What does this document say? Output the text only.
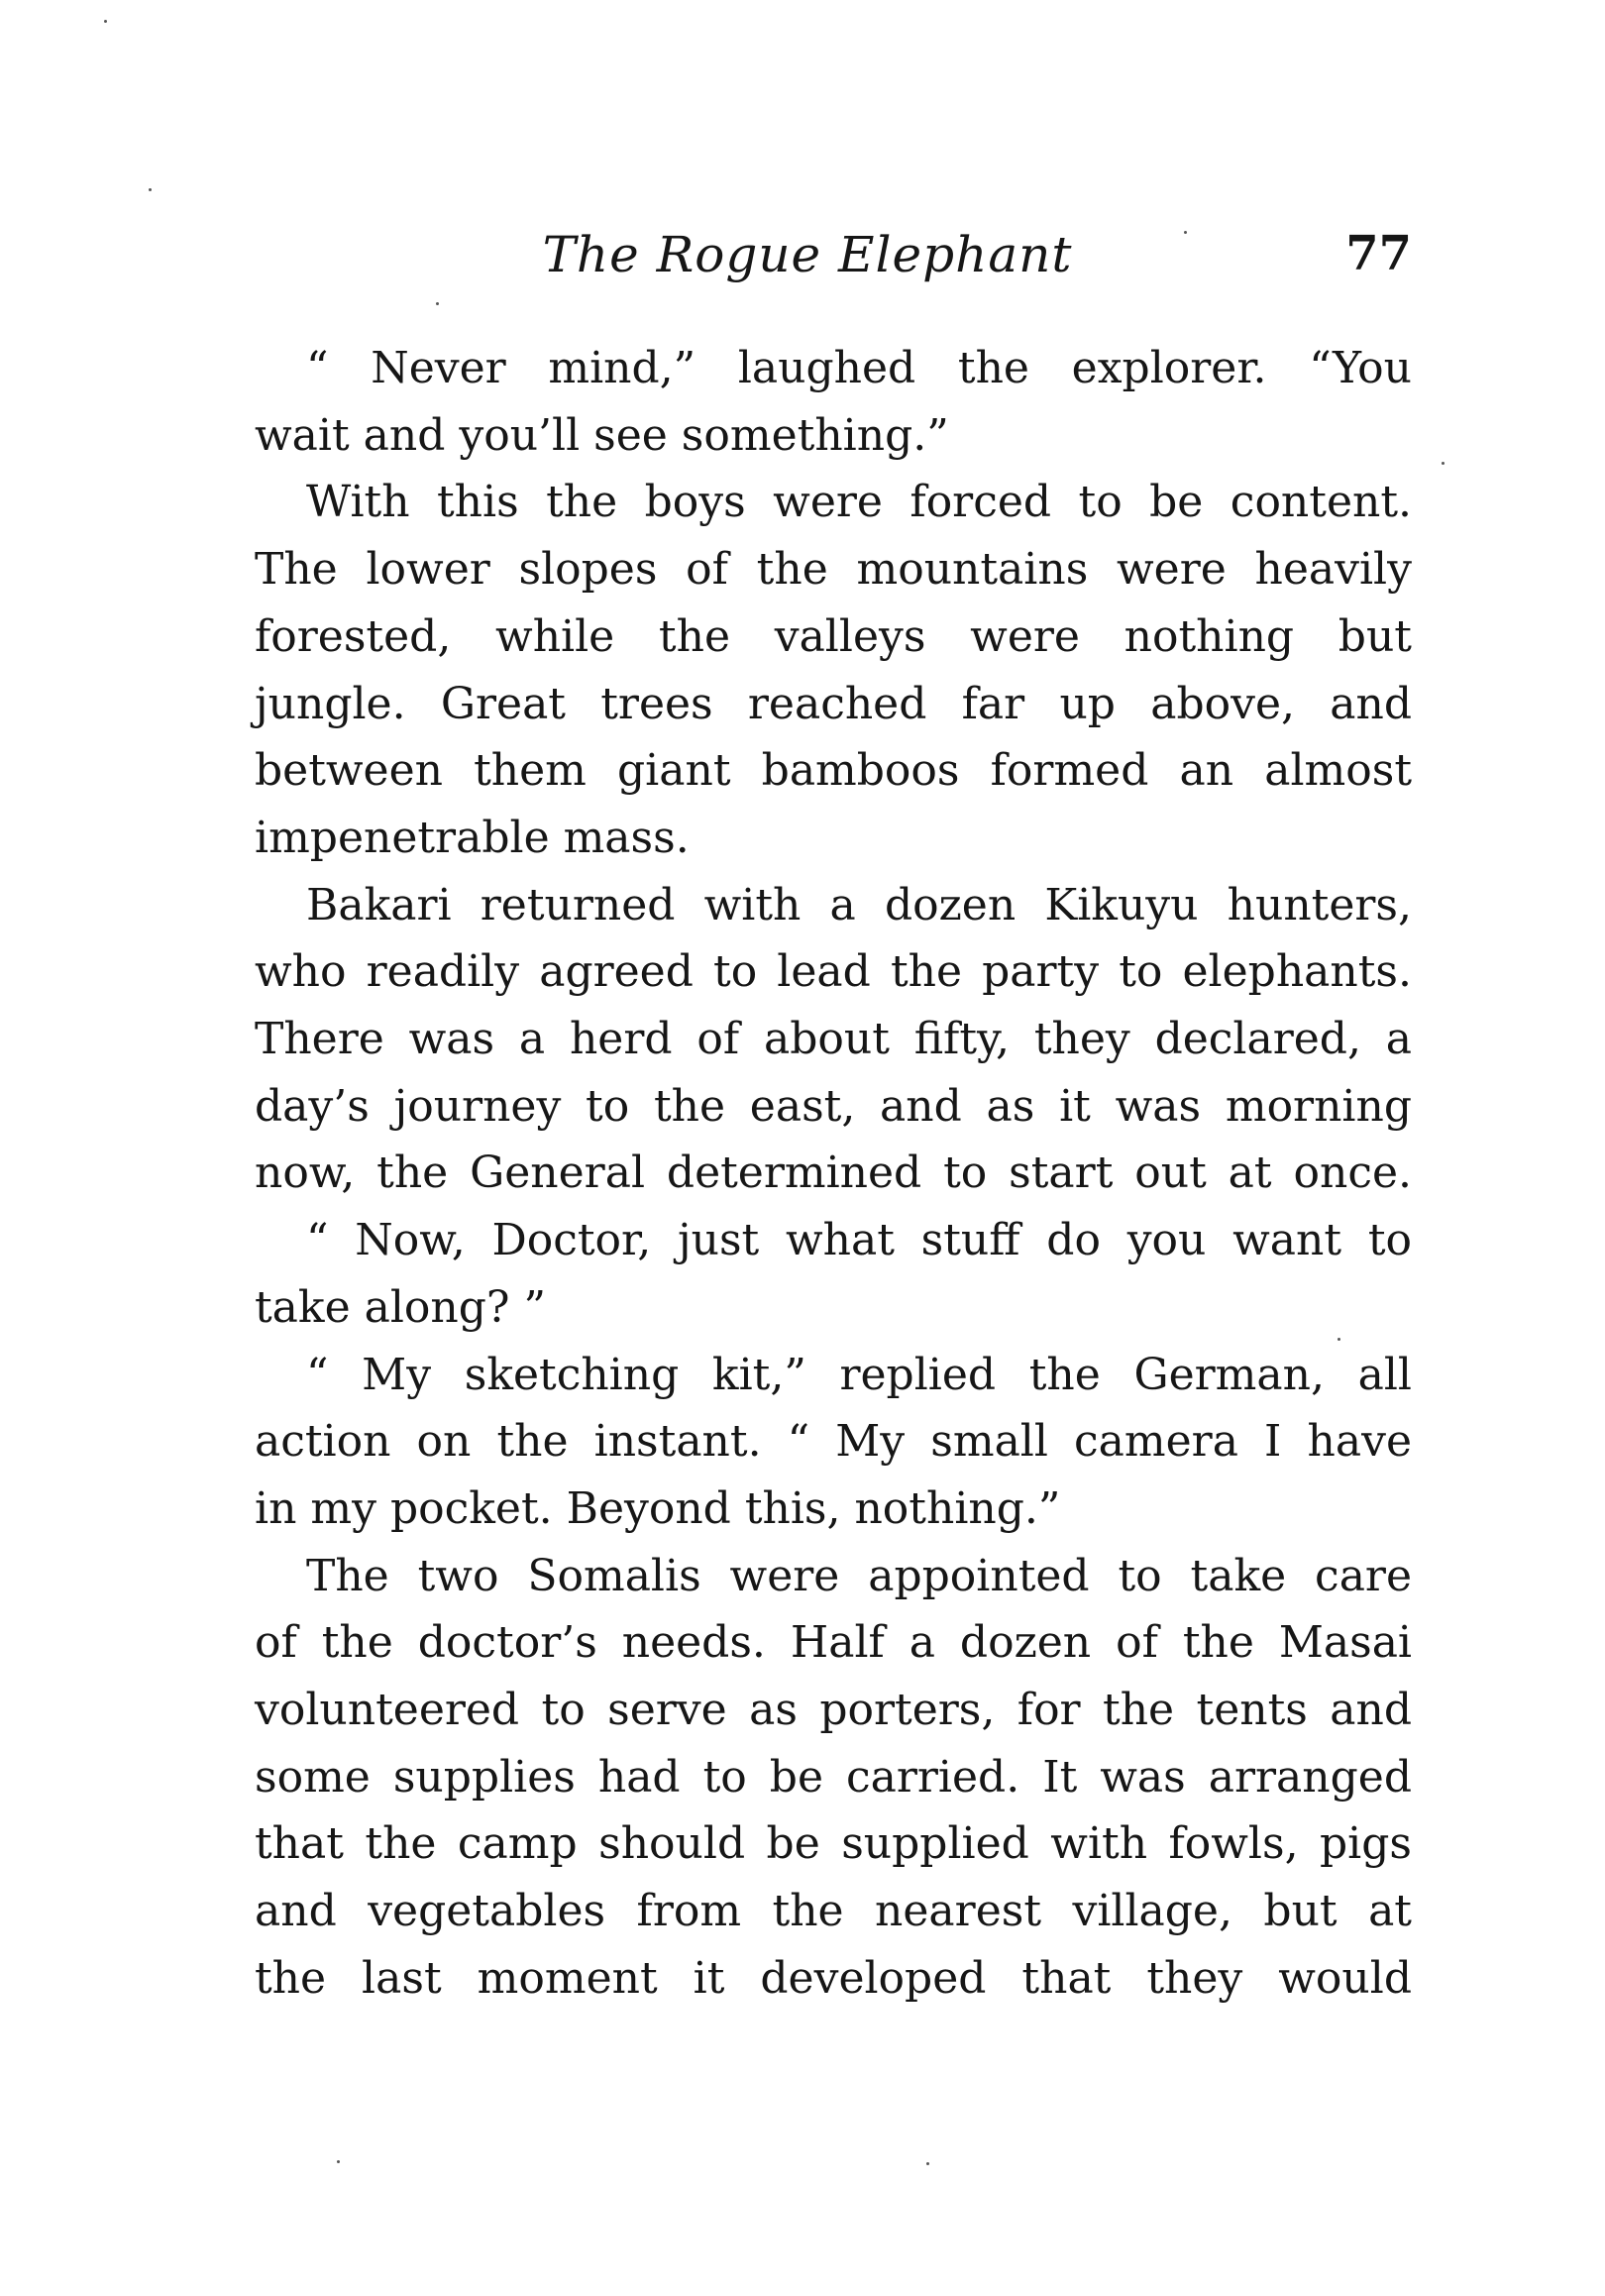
The Rogue Elephant	77
“ Never mind,” laughed the explorer. “You
wait and you’ll see something.”
With this the boys were forced to be content.
The lower slopes of the mountains were heavily
forested, while the valleys were nothing but
jungle. Great trees reached far up above, and
between them giant bamboos formed an almost
impenetrable mass.
Bakari returned with a dozen Kikuyu hunters,
who readily agreed to lead the party to elephants.
There was a herd of about fifty, they declared, a
day’s journey to the east, and as it was morning
now, the General determined to start out at once.
“ Now, Doctor, just what stuff do you want to
take along? ”
“ My sketching kit,” replied the German, all
action on the instant. “ My small camera I have
in my pocket. Beyond this, nothing.”
The two Somalis were appointed to take care
of the doctor’s needs. Half a dozen of the Masai
volunteered to serve as porters, for the tents and
some supplies had to be carried. It was arranged
that the camp should be supplied with fowls, pigs
and vegetables from the nearest village, but at
the last moment it developed that they would
